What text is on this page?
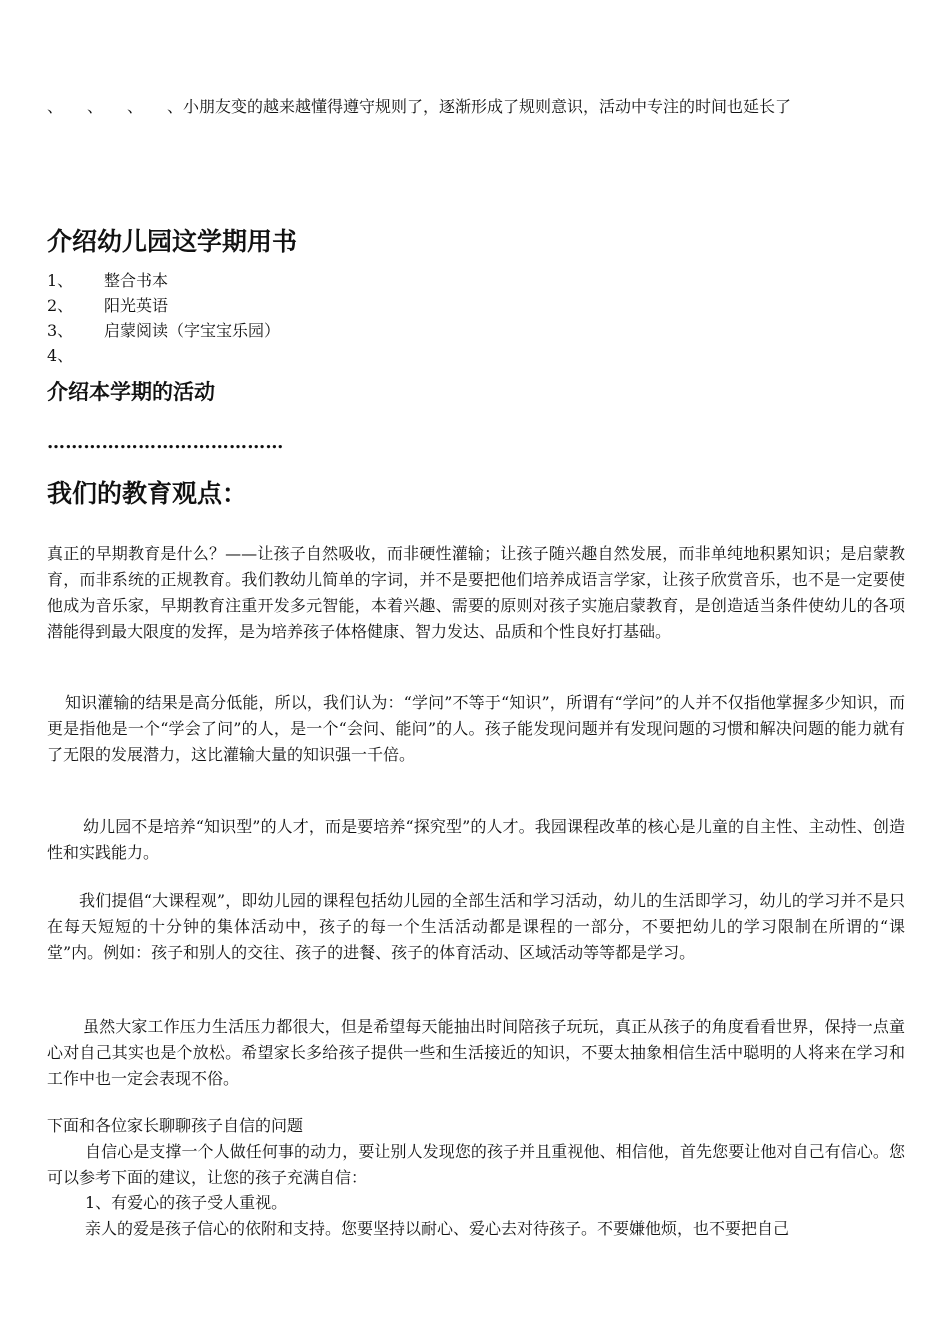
、　　、　　、　　、小朋友变的越来越懂得遵守规则了，逐渐形成了规则意识，活动中专注的时间也延长了
介绍幼儿园这学期用书
1、 整合书本
2、 阳光英语
3、 启蒙阅读（字宝宝乐园）
4、
介绍本学期的活动
…………………………………
我们的教育观点：
真正的早期教育是什么？——让孩子自然吸收，而非硬性灌输；让孩子随兴趣自然发展，而非单纯地积累知识；是启蒙教育，而非系统的正规教育。我们教幼儿简单的字词，并不是要把他们培养成语言学家，让孩子欣赏音乐，也不是一定要使他成为音乐家，早期教育注重开发多元智能，本着兴趣、需要的原则对孩子实施启蒙教育，是创造适当条件使幼儿的各项潜能得到最大限度的发挥，是为培养孩子体格健康、智力发达、品质和个性良好打基础。
知识灌输的结果是高分低能，所以，我们认为：“学问”不等于“知识”，所谓有“学问”的人并不仅指他掌握多少知识，而更是指他是一个“学会了问”的人，是一个“会问、能问”的人。孩子能发现问题并有发现问题的习惯和解决问题的能力就有了无限的发展潜力，这比灌输大量的知识强一千倍。
幼儿园不是培养“知识型”的人才，而是要培养“探究型”的人才。我园课程改革的核心是儿童的自主性、主动性、创造性和实践能力。
我们提倡“大课程观”，即幼儿园的课程包括幼儿园的全部生活和学习活动，幼儿的生活即学习，幼儿的学习并不是只在每天短短的十分钟的集体活动中，孩子的每一个生活活动都是课程的一部分，不要把幼儿的学习限制在所谓的“课堂”内。例如：孩子和别人的交往、孩子的进餐、孩子的体育活动、区域活动等等都是学习。
虽然大家工作压力生活压力都很大，但是希望每天能抽出时间陪孩子玩玩，真正从孩子的角度看看世界，保持一点童心对自己其实也是个放松。希望家长多给孩子提供一些和生活接近的知识，不要太抽象相信生活中聪明的人将来在学习和工作中也一定会表现不俗。
下面和各位家长聊聊孩子自信的问题
自信心是支撑一个人做任何事的动力，要让别人发现您的孩子并且重视他、相信他，首先您要让他对自己有信心。您可以参考下面的建议，让您的孩子充满自信：
1、有爱心的孩子受人重视。
亲人的爱是孩子信心的依附和支持。您要坚持以耐心、爱心去对待孩子。不要嫌他烦，也不要把自己
